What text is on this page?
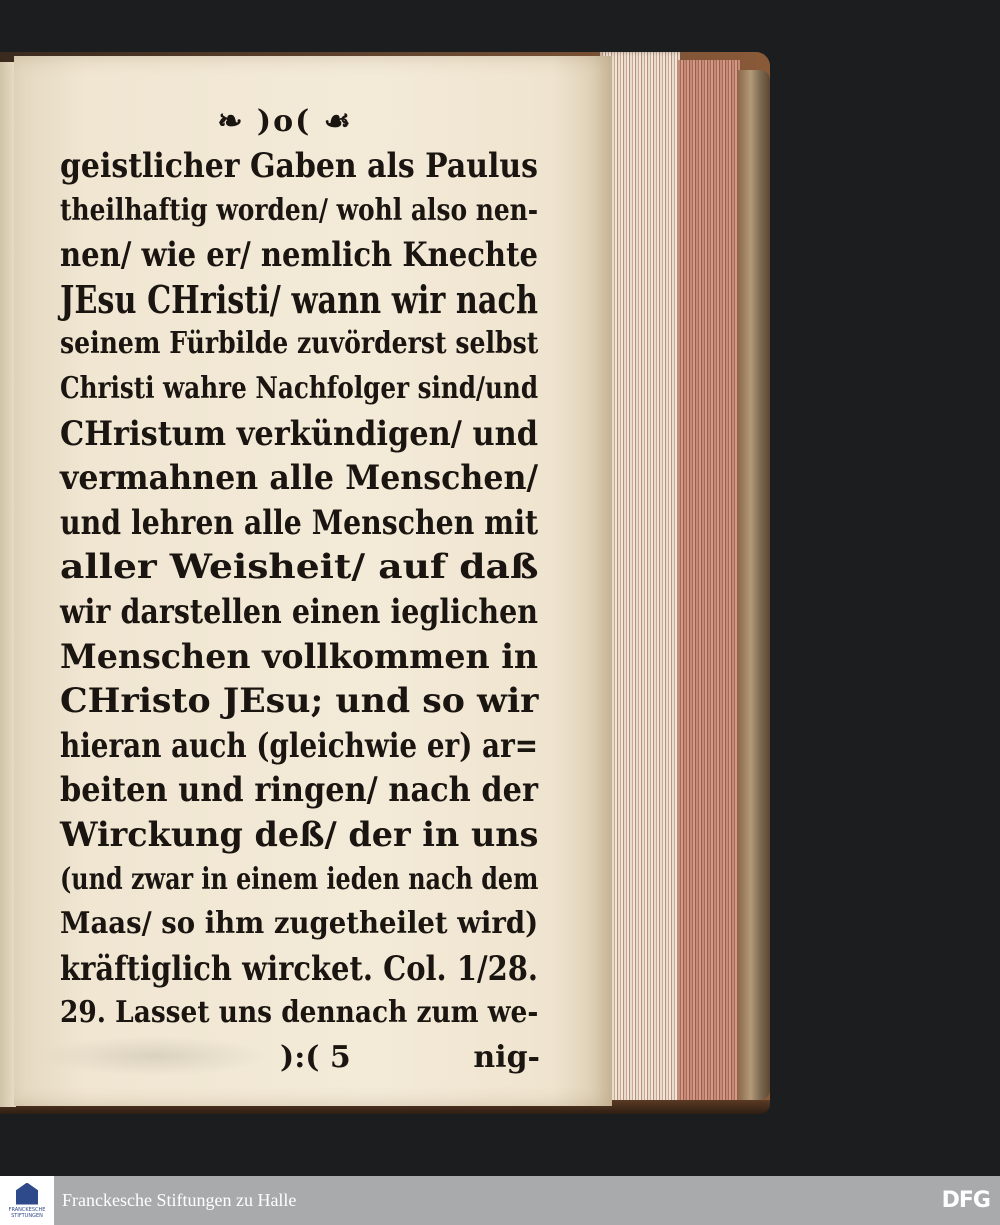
❧ )o( ☙
geistlicher Gaben als Paulus
theilhaftig worden/ wohl also nen-
nen/ wie er/ nemlich Knechte
JEsu CHristi/ wann wir nach
seinem Fürbilde zuvörderst selbst
Christi wahre Nachfolger sind/und
CHristum verkündigen/ und
vermahnen alle Menschen/
und lehren alle Menschen mit
aller Weisheit/ auf daß
wir darstellen einen ieglichen
Menschen vollkommen in
CHristo JEsu; und so wir
hieran auch (gleichwie er) ar=
beiten und ringen/ nach der
Wirckung deß/ der in uns
(und zwar in einem ieden nach dem
Maas/ so ihm zugetheilet wird)
kräftiglich wircket. Col. 1/28.
29. Lasset uns dennach zum we-
):( 5	nig-
FRANCKESCHE
STIFTUNGEN
Franckesche Stiftungen zu Halle	DFG
